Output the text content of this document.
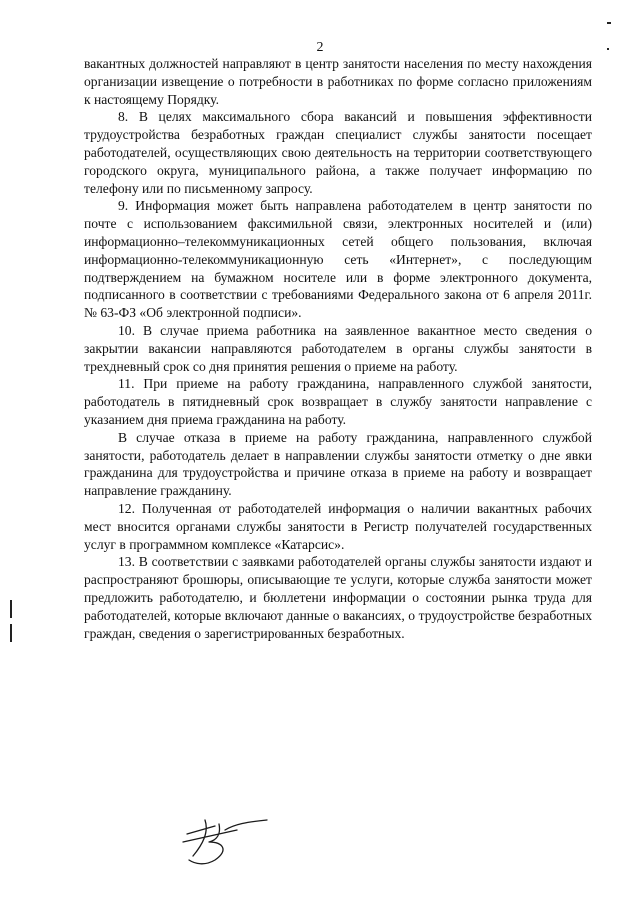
2

вакантных должностей направляют в центр занятости населения по месту нахождения организации извещение о потребности в работниках по форме согласно приложениям к настоящему Порядку.

8. В целях максимального сбора вакансий и повышения эффективности трудоустройства безработных граждан специалист службы занятости посещает работодателей, осуществляющих свою деятельность на территории соответствующего городского округа, муниципального района, а также получает информацию по телефону или по письменному запросу.

9. Информация может быть направлена работодателем в центр занятости по почте с использованием факсимильной связи, электронных носителей и (или) информационно–телекоммуникационных сетей общего пользования, включая информационно-телекоммуникационную сеть «Интернет», с последующим подтверждением на бумажном носителе или в форме электронного документа, подписанного в соответствии с требованиями Федерального закона от 6 апреля 2011г. № 63-ФЗ «Об электронной подписи».

10. В случае приема работника на заявленное вакантное место сведения о закрытии вакансии направляются работодателем в органы службы занятости в трехдневный срок со дня принятия решения о приеме на работу.

11. При приеме на работу гражданина, направленного службой занятости, работодатель в пятидневный срок возвращает в службу занятости направление с указанием дня приема гражданина на работу.

В случае отказа в приеме на работу гражданина, направленного службой занятости, работодатель делает в направлении службы занятости отметку о дне явки гражданина для трудоустройства и причине отказа в приеме на работу и возвращает направление гражданину.

12. Полученная от работодателей информация о наличии вакантных рабочих мест вносится органами службы занятости в Регистр получателей государственных услуг в программном комплексе «Катарсис».

13. В соответствии с заявками работодателей органы службы занятости издают и распространяют брошюры, описывающие те услуги, которые служба занятости может предложить работодателю, и бюллетени информации о состоянии рынка труда для работодателей, которые включают данные о вакансиях, о трудоустройстве безработных граждан, сведения о зарегистрированных безработных.
